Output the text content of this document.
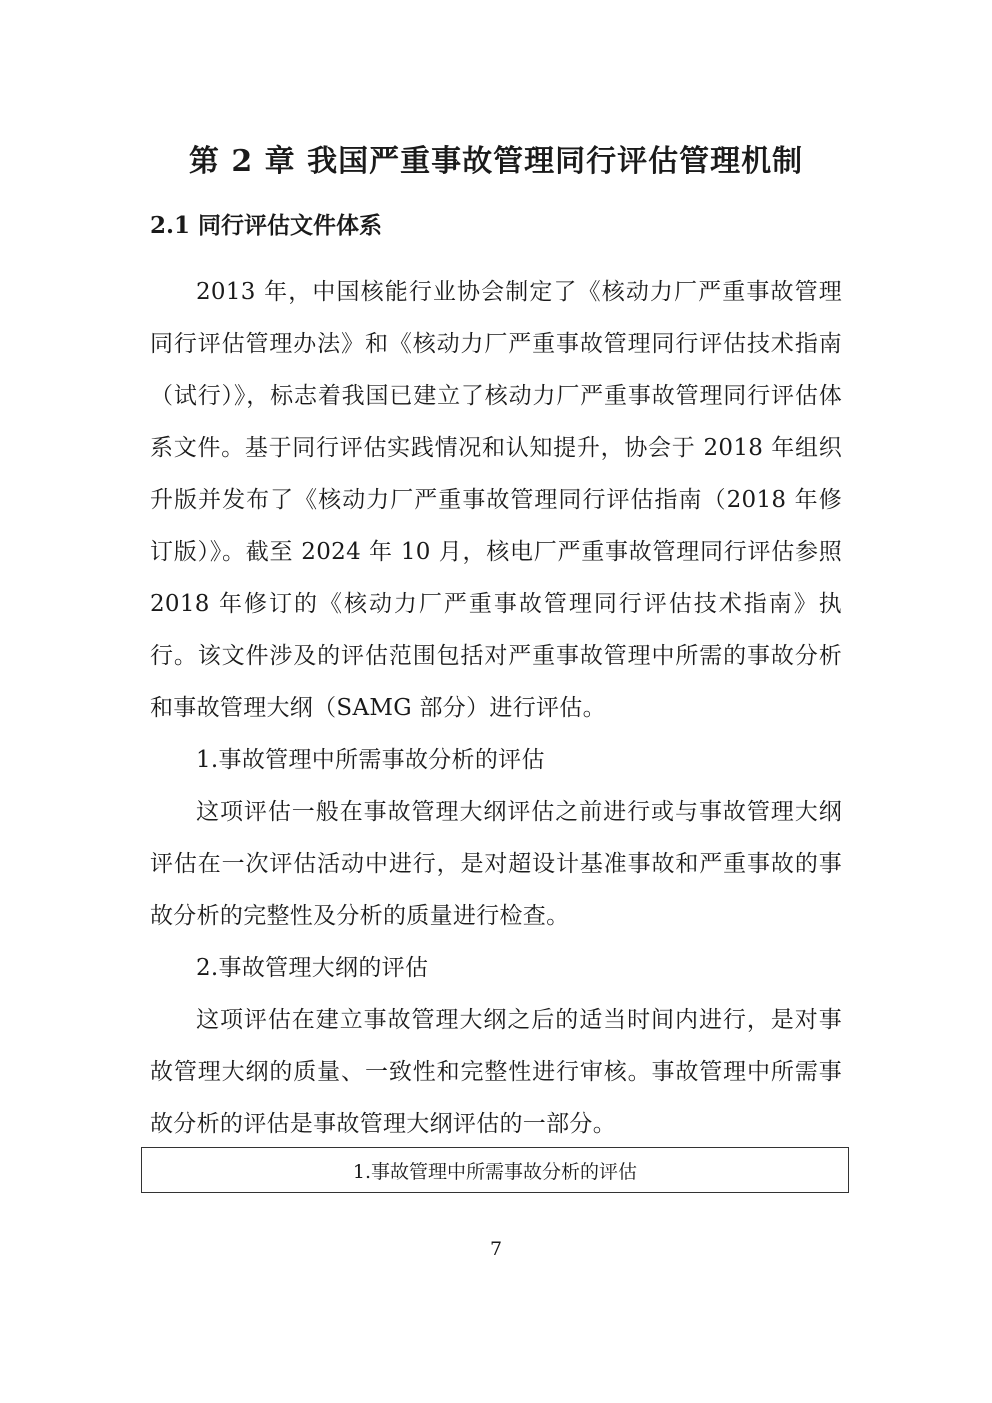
第 2 章 我国严重事故管理同行评估管理机制
2.1 同行评估文件体系

2013 年，中国核能行业协会制定了《核动力厂严重事故管理同行评估管理办法》和《核动力厂严重事故管理同行评估技术指南（试行）》，标志着我国已建立了核动力厂严重事故管理同行评估体系文件。基于同行评估实践情况和认知提升，协会于 2018 年组织升版并发布了《核动力厂严重事故管理同行评估指南（2018 年修订版）》。截至 2024 年 10 月，核电厂严重事故管理同行评估参照 2018 年修订的《核动力厂严重事故管理同行评估技术指南》执行。该文件涉及的评估范围包括对严重事故管理中所需的事故分析和事故管理大纲（SAMG 部分）进行评估。

1.事故管理中所需事故分析的评估

这项评估一般在事故管理大纲评估之前进行或与事故管理大纲评估在一次评估活动中进行，是对超设计基准事故和严重事故的事故分析的完整性及分析的质量进行检查。

2.事故管理大纲的评估

这项评估在建立事故管理大纲之后的适当时间内进行，是对事故管理大纲的质量、一致性和完整性进行审核。事故管理中所需事故分析的评估是事故管理大纲评估的一部分。

1.事故管理中所需事故分析的评估
7
